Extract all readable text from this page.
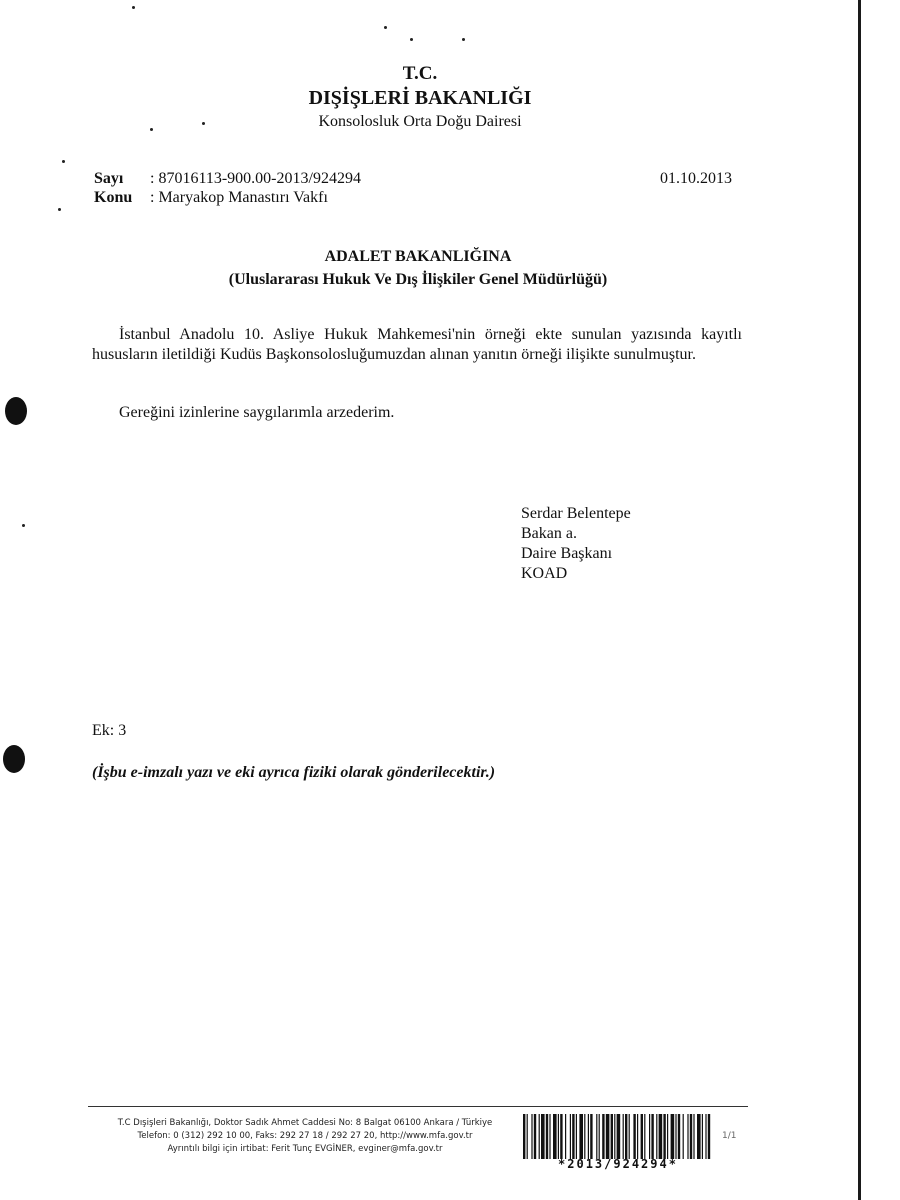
T.C.
DIŞİŞLERİ BAKANLIĞI
Konsolosluk Orta Doğu Dairesi
Sayı : 87016113-900.00-2013/924294
Konu : Maryakop Manastırı Vakfı
01.10.2013
ADALET BAKANLIĞINA
(Uluslararası Hukuk Ve Dış İlişkiler Genel Müdürlüğü)
İstanbul Anadolu 10. Asliye Hukuk Mahkemesi'nin örneği ekte sunulan yazısında kayıtlı hususların iletildiği Kudüs Başkonsolosluğumuzdan alınan yanıtın örneği ilişikte sunulmuştur.
Gereğini izinlerine saygılarımla arzederim.
Serdar Belentepe
Bakan a.
Daire Başkanı
KOAD
Ek: 3
(İşbu e-imzalı yazı ve eki ayrıca fiziki olarak gönderilecektir.)
T.C Dışişleri Bakanlığı, Doktor Sadık Ahmet Caddesi No: 8 Balgat 06100 Ankara / Türkiye
Telefon: 0 (312) 292 10 00, Faks: 292 27 18 / 292 27 20, http://www.mfa.gov.tr
Ayrıntılı bilgi için irtibat: Ferit Tunç EVGİNER, evginer@mfa.gov.tr
*2013/924294*
1/1
